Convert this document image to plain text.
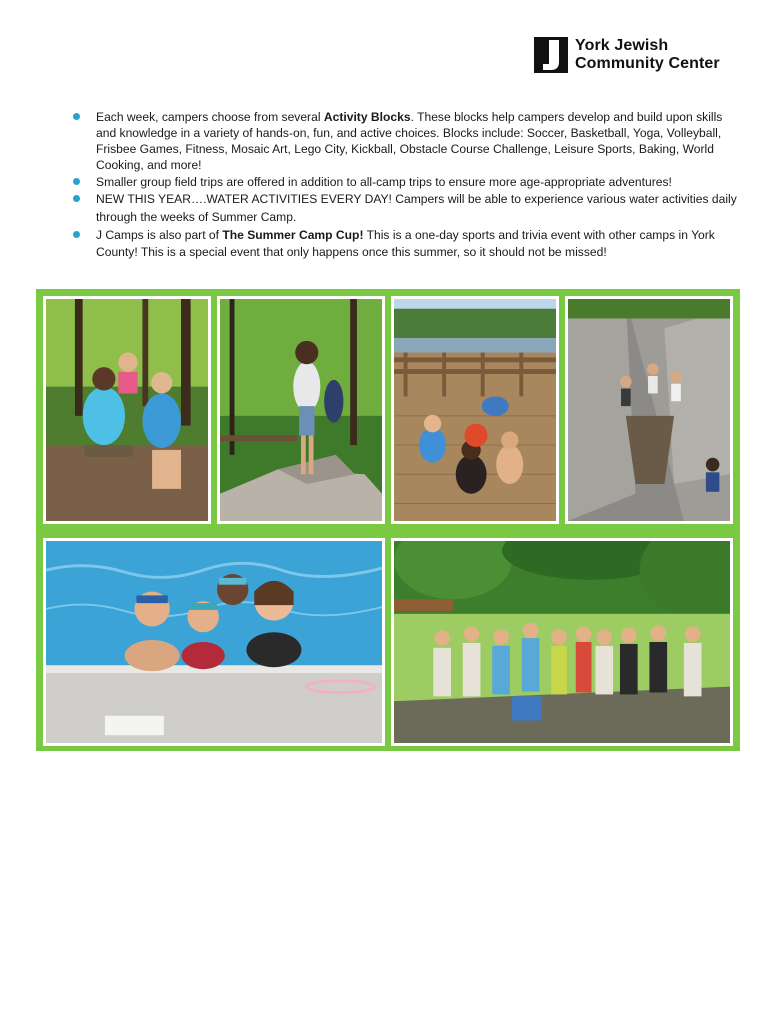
York Jewish
Community Center
Each week, campers choose from several Activity Blocks. These blocks help campers develop and build upon skills and knowledge in a variety of hands-on, fun, and active choices. Blocks include: Soccer, Basketball, Yoga, Volleyball, Frisbee Games, Fitness, Mosaic Art, Lego City, Kickball, Obstacle Course Challenge, Leisure Sports, Baking, World Cooking, and more!
Smaller group field trips are offered in addition to all-camp trips to ensure more age-appropriate adventures!
NEW THIS YEAR….WATER ACTIVITIES EVERY DAY! Campers will be able to experience various water activities daily through the weeks of Summer Camp.
J Camps is also part of The Summer Camp Cup! This is a one-day sports and trivia event with other camps in York County! This is a special event that only happens once this summer, so it should not be missed!
